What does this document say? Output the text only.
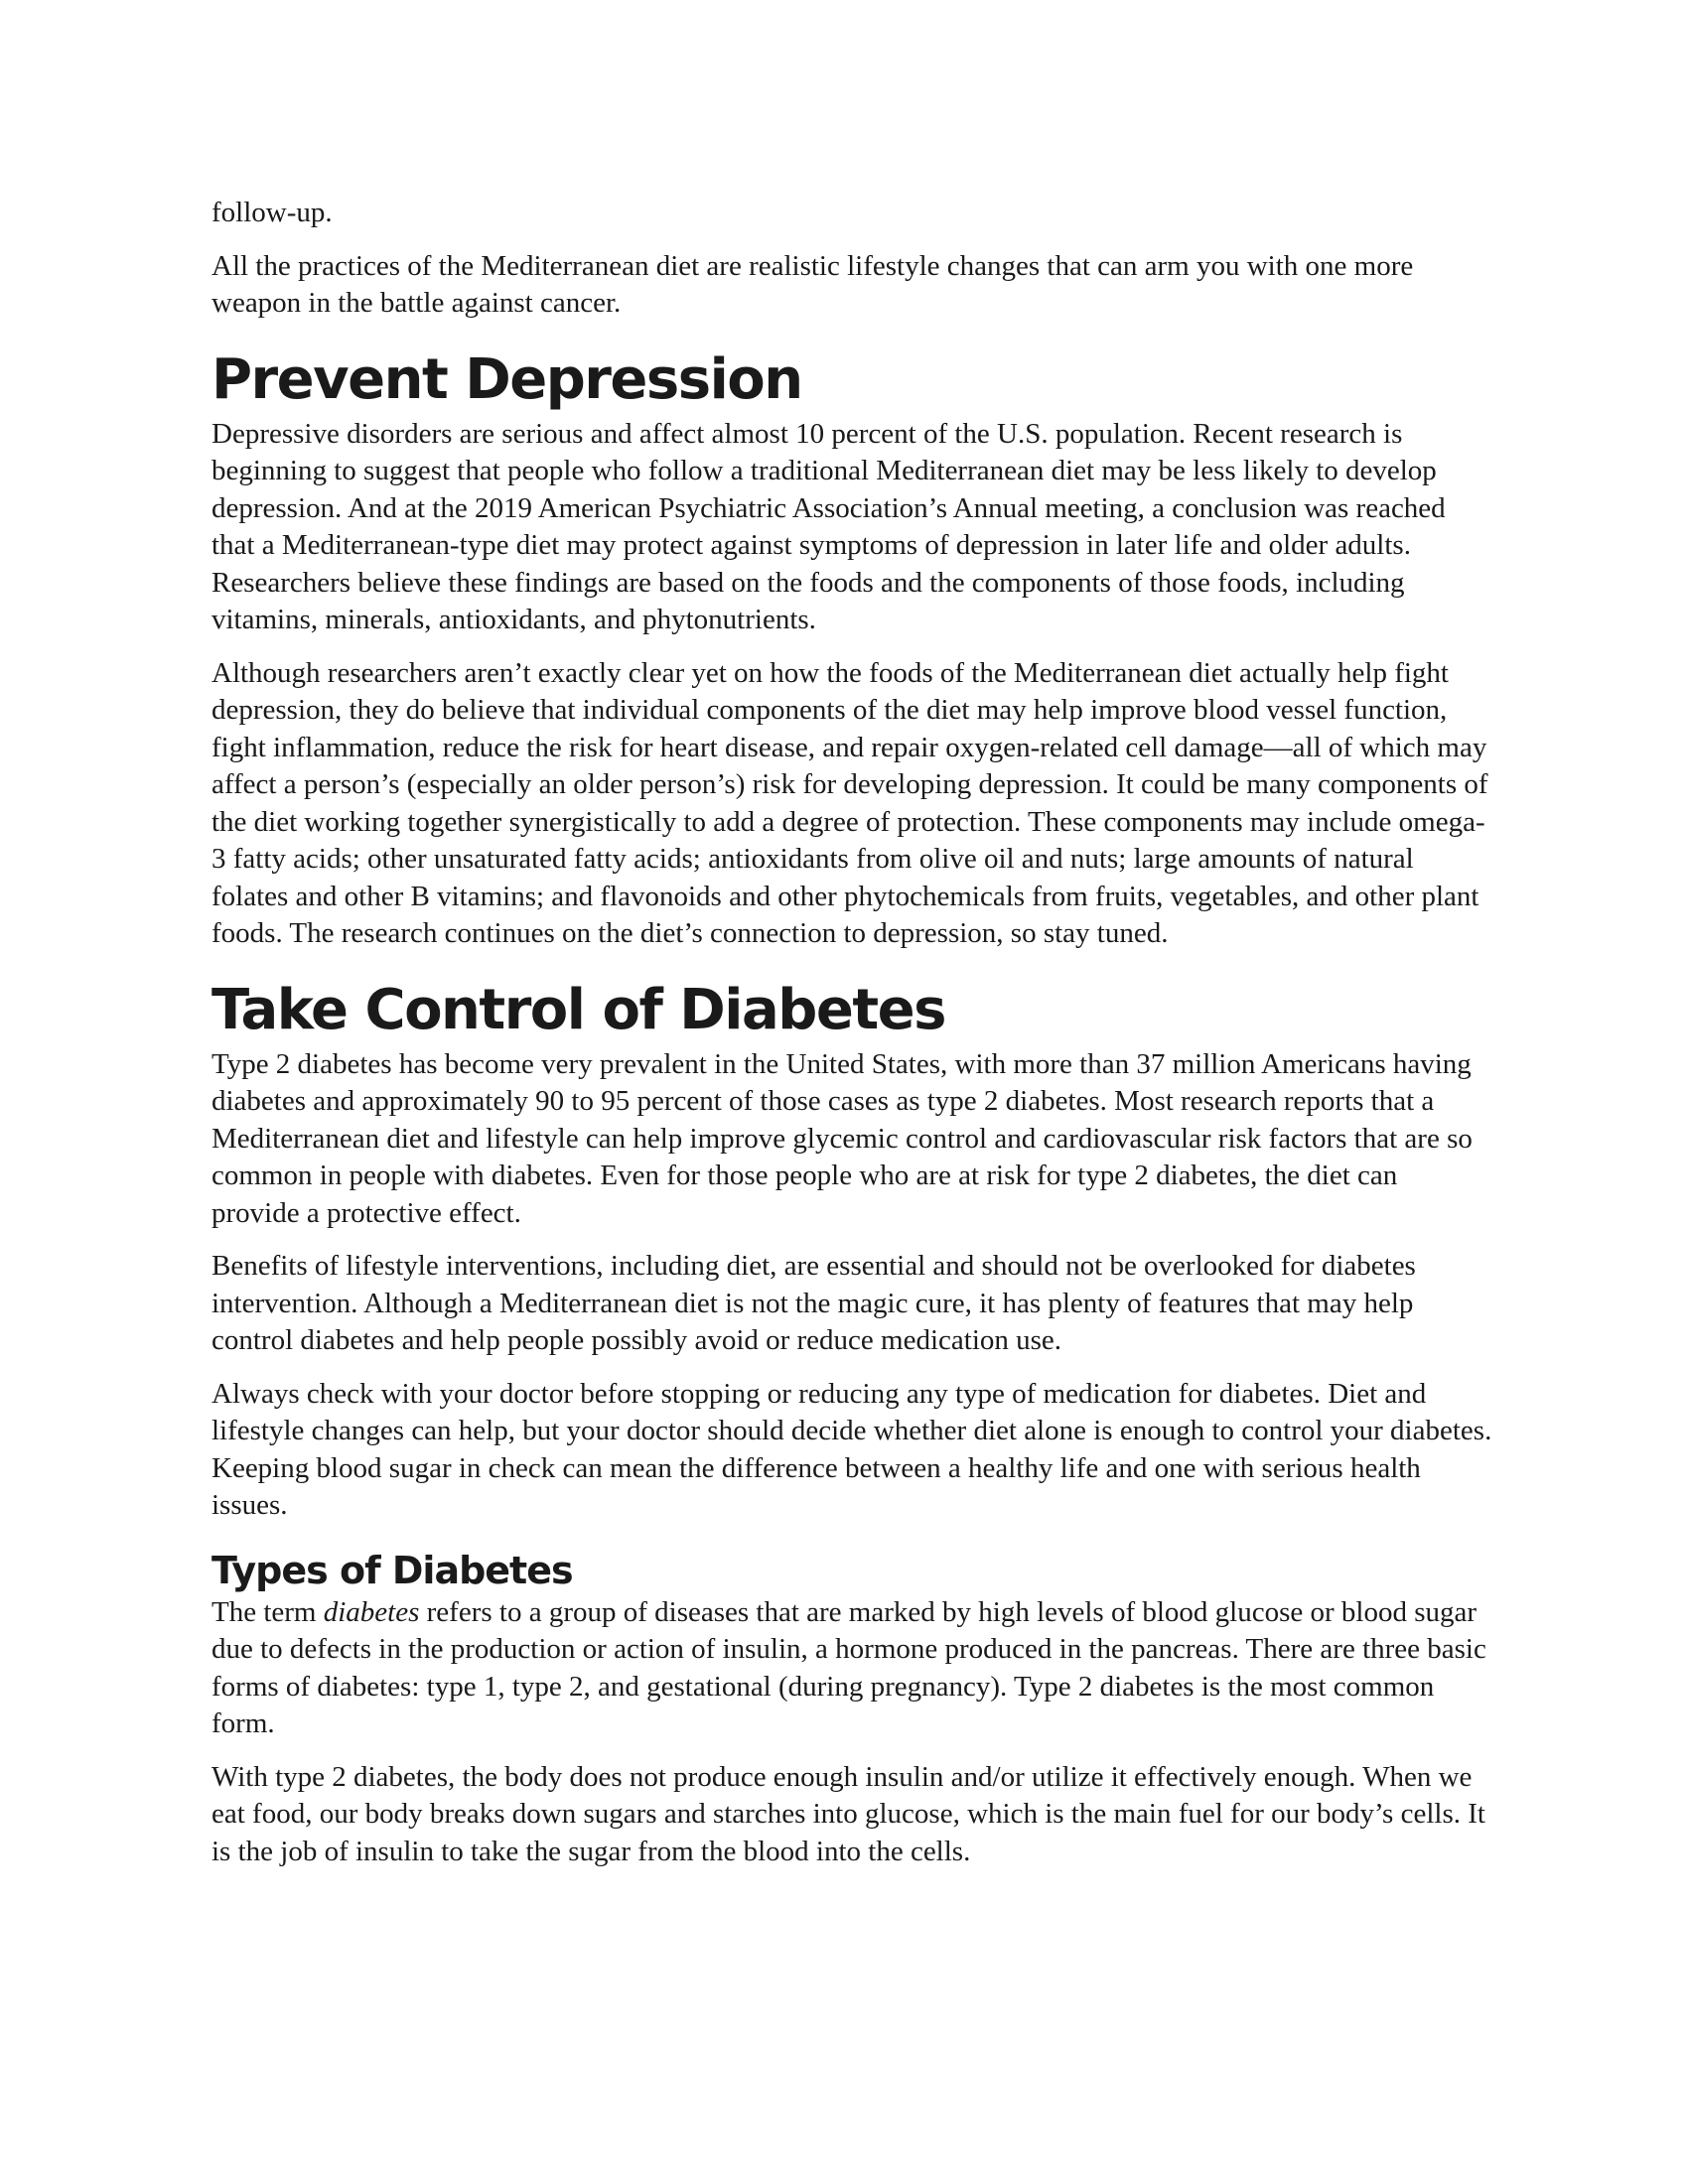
follow-up.

All the practices of the Mediterranean diet are realistic lifestyle changes that can arm you with one more weapon in the battle against cancer.

Prevent Depression

Depressive disorders are serious and affect almost 10 percent of the U.S. population. Recent research is beginning to suggest that people who follow a traditional Mediterranean diet may be less likely to develop depression. And at the 2019 American Psychiatric Association’s Annual meeting, a conclusion was reached that a Mediterranean-type diet may protect against symptoms of depression in later life and older adults. Researchers believe these findings are based on the foods and the components of those foods, including vitamins, minerals, antioxidants, and phytonutrients.

Although researchers aren’t exactly clear yet on how the foods of the Mediterranean diet actually help fight depression, they do believe that individual components of the diet may help improve blood vessel function, fight inflammation, reduce the risk for heart disease, and repair oxygen-related cell damage—all of which may affect a person’s (especially an older person’s) risk for developing depression. It could be many components of the diet working together synergistically to add a degree of protection. These components may include omega-3 fatty acids; other unsaturated fatty acids; antioxidants from olive oil and nuts; large amounts of natural folates and other B vitamins; and flavonoids and other phytochemicals from fruits, vegetables, and other plant foods. The research continues on the diet’s connection to depression, so stay tuned.

Take Control of Diabetes

Type 2 diabetes has become very prevalent in the United States, with more than 37 million Americans having diabetes and approximately 90 to 95 percent of those cases as type 2 diabetes. Most research reports that a Mediterranean diet and lifestyle can help improve glycemic control and cardiovascular risk factors that are so common in people with diabetes. Even for those people who are at risk for type 2 diabetes, the diet can provide a protective effect.

Benefits of lifestyle interventions, including diet, are essential and should not be overlooked for diabetes intervention. Although a Mediterranean diet is not the magic cure, it has plenty of features that may help control diabetes and help people possibly avoid or reduce medication use.

Always check with your doctor before stopping or reducing any type of medication for diabetes. Diet and lifestyle changes can help, but your doctor should decide whether diet alone is enough to control your diabetes. Keeping blood sugar in check can mean the difference between a healthy life and one with serious health issues.

Types of Diabetes

The term diabetes refers to a group of diseases that are marked by high levels of blood glucose or blood sugar due to defects in the production or action of insulin, a hormone produced in the pancreas. There are three basic forms of diabetes: type 1, type 2, and gestational (during pregnancy). Type 2 diabetes is the most common form.

With type 2 diabetes, the body does not produce enough insulin and/or utilize it effectively enough. When we eat food, our body breaks down sugars and starches into glucose, which is the main fuel for our body’s cells. It is the job of insulin to take the sugar from the blood into the cells.
